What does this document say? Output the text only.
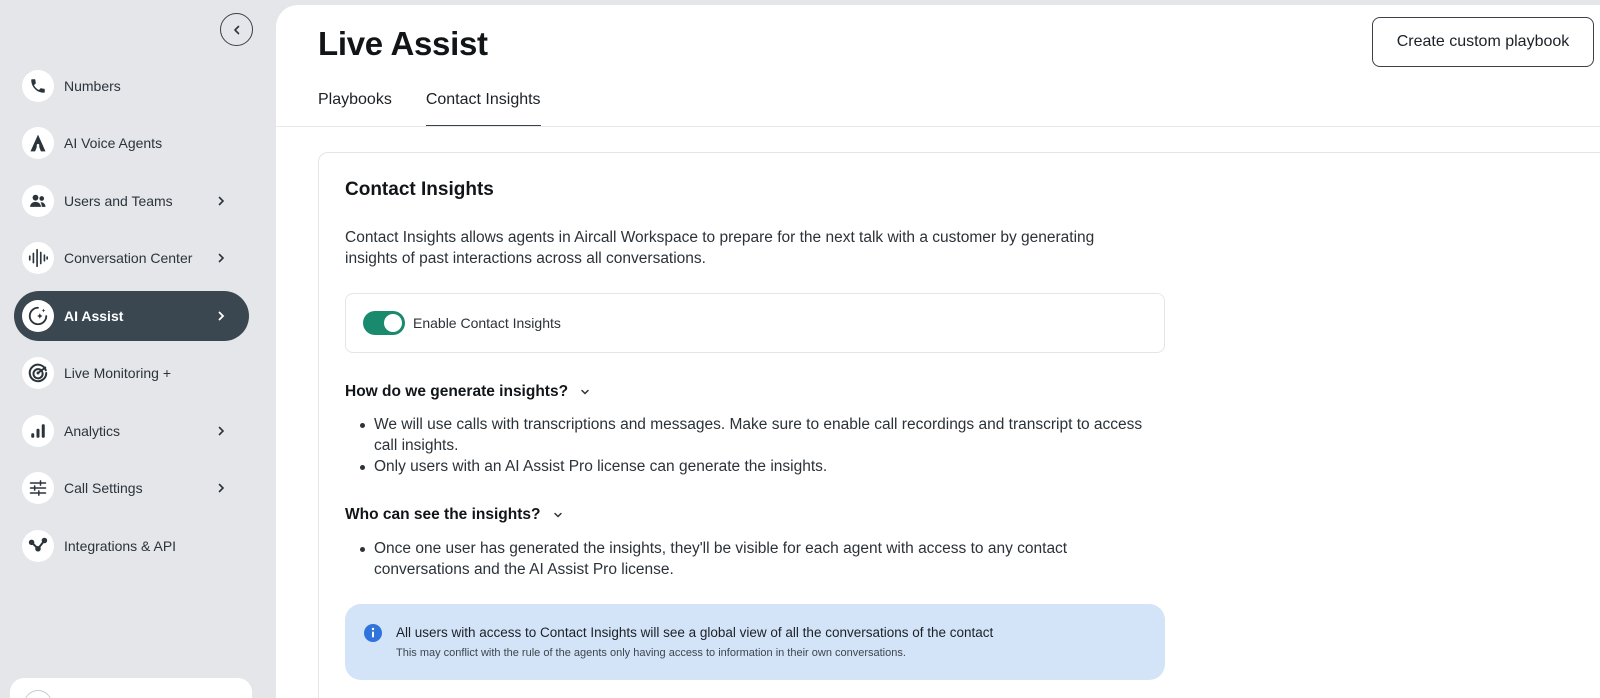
Numbers
AI Voice Agents
Users and Teams
Conversation Center
AI Assist
Live Monitoring +
Analytics
Call Settings
Integrations & API
Live Assist	Create custom playbook
Playbooks Contact Insights
Contact Insights

Contact Insights allows agents in Aircall Workspace to prepare for the next talk with a customer by generating insights of past interactions across all conversations.

Enable Contact Insights
How do we generate insights?
We will use calls with transcriptions and messages. Make sure to enable call recordings and transcript to access call insights.
Only users with an AI Assist Pro license can generate the insights.
Who can see the insights?
Once one user has generated the insights, they'll be visible for each agent with access to any contact conversations and the AI Assist Pro license.
All users with access to Contact Insights will see a global view of all the conversations of the contact
This may conflict with the rule of the agents only having access to information in their own conversations.
